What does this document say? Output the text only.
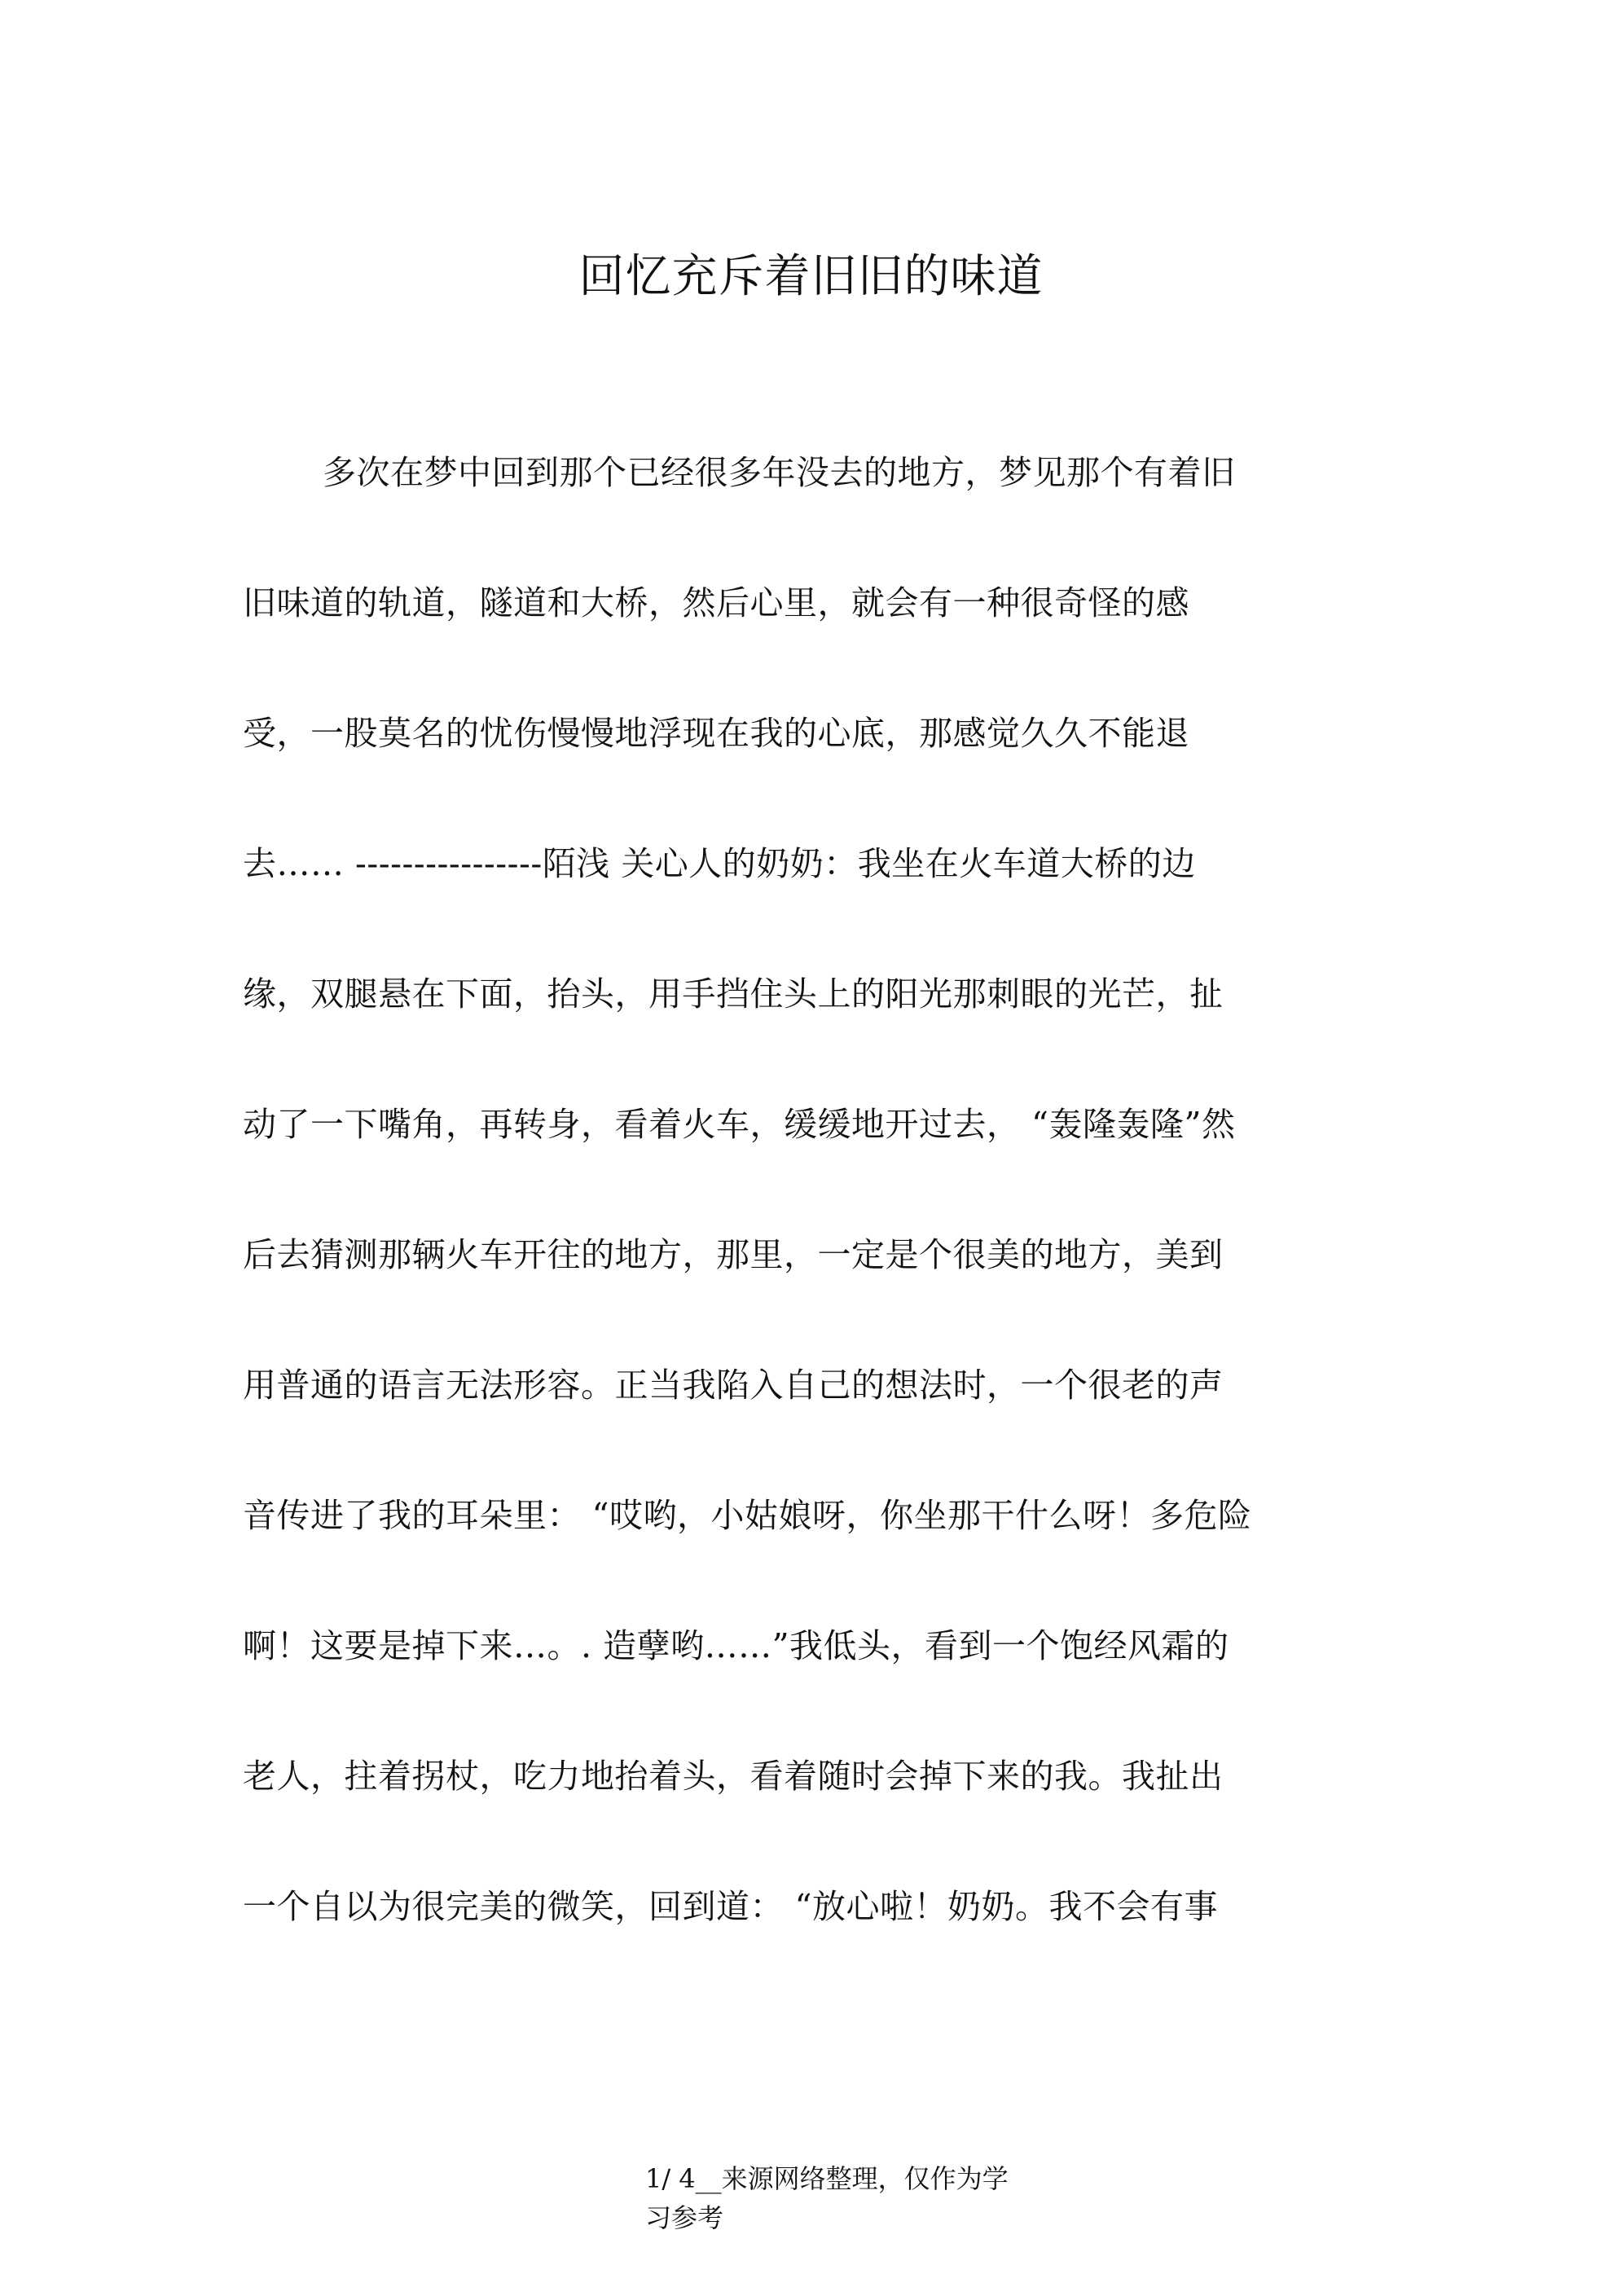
回忆充斥着旧旧的味道
多次在梦中回到那个已经很多年没去的地方，梦见那个有着旧
旧味道的轨道，隧道和大桥，然后心里，就会有一种很奇怪的感
受，一股莫名的忧伤慢慢地浮现在我的心底，那感觉久久不能退
去…… ----------------陌浅 关心人的奶奶：我坐在火车道大桥的边
缘，双腿悬在下面，抬头，用手挡住头上的阳光那刺眼的光芒，扯
动了一下嘴角，再转身，看着火车，缓缓地开过去， “轰隆轰隆”然
后去猜测那辆火车开往的地方，那里，一定是个很美的地方，美到
用普通的语言无法形容。正当我陷入自己的想法时，一个很老的声
音传进了我的耳朵里： “哎哟，小姑娘呀，你坐那干什么呀！多危险
啊！这要是掉下来…。. 造孽哟……”我低头，看到一个饱经风霜的
老人，拄着拐杖，吃力地抬着头，看着随时会掉下来的我。我扯出
一个自以为很完美的微笑，回到道： “放心啦！奶奶。我不会有事
1/ 4__来源网络整理，仅作为学
习参考
